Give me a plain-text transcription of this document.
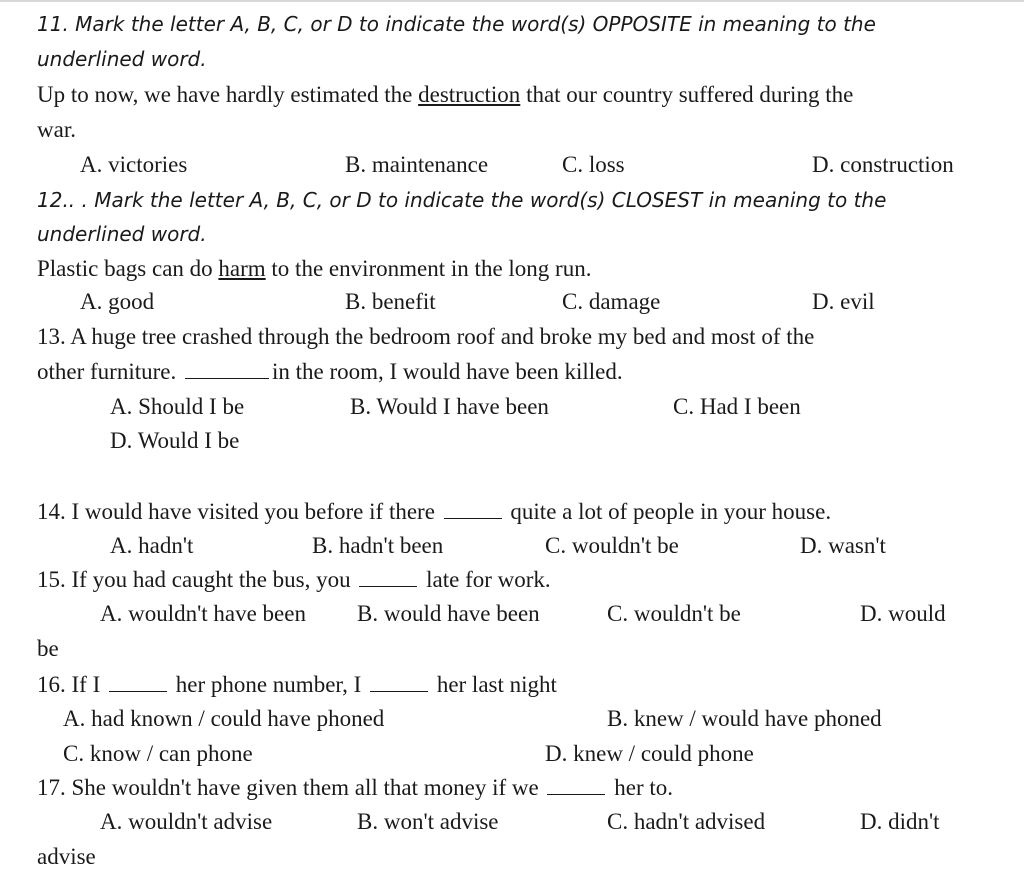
11. Mark the letter A, B, C, or D to indicate the word(s) OPPOSITE in meaning to the
underlined word.
Up to now, we have hardly estimated the destruction that our country suffered during the
war.
A. victories	B. maintenance	C. loss	D. construction
12.. . Mark the letter A, B, C, or D to indicate the word(s) CLOSEST in meaning to the
underlined word.
Plastic bags can do harm to the environment in the long run.
A. good	B. benefit	C. damage	D. evil
13. A huge tree crashed through the bedroom roof and broke my bed and most of the
other furniture.	in the room, I would have been killed.
A. Should I be	B. Would I have been	C. Had I been
D. Would I be
14. I would have visited you before if there	quite a lot of people in your house.
A. hadn't	B. hadn't been	C. wouldn't be	D. wasn't
15. If you had caught the bus, you	late for work.
A. wouldn't have been B. would have been	C. wouldn't be	D. would
be
16. If I	her phone number, I	her last night
A. had known / could have phoned	B. knew / would have phoned
C. know / can phone	D. knew / could phone
17. She wouldn't have given them all that money if we	her to.
A. wouldn't advise	B. won't advise	C. hadn't advised	D. didn't
advise
